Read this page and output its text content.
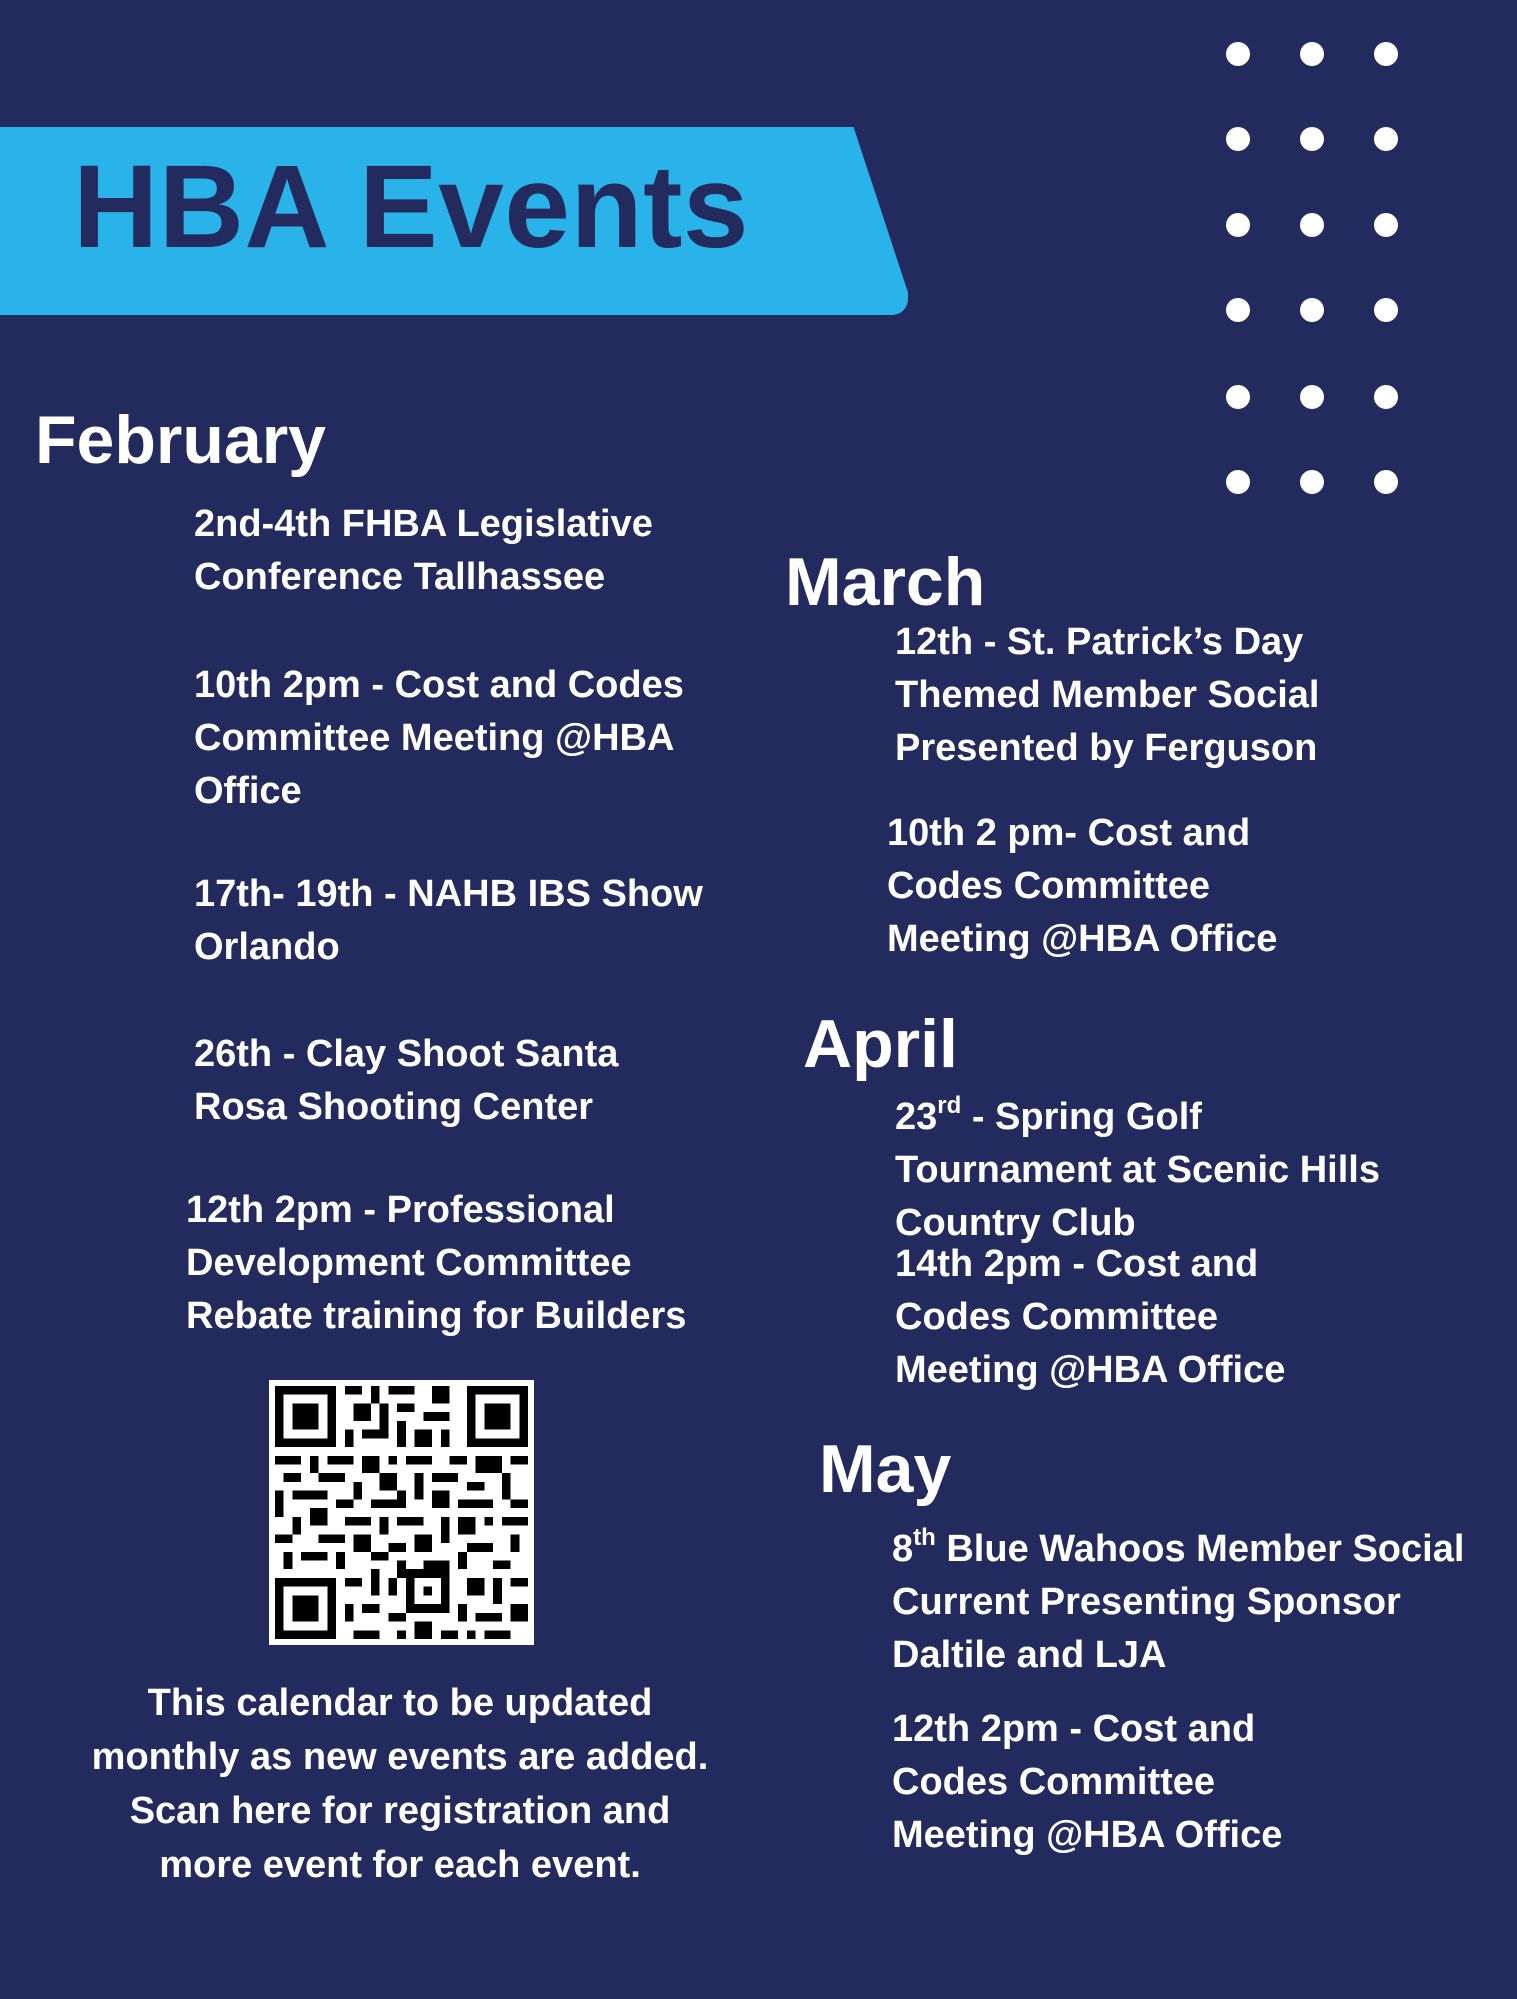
HBA Events
February
2nd-4th FHBA Legislative
Conference Tallhassee
10th 2pm - Cost and Codes
Committee Meeting @HBA
Office
17th- 19th - NAHB IBS Show
Orlando
26th - Clay Shoot Santa
Rosa Shooting Center
12th 2pm - Professional
Development Committee
Rebate training for Builders
This calendar to be updated
monthly as new events are added.
Scan here for registration and
more event for each event.
March
12th - St. Patrick’s Day
Themed Member Social
Presented by Ferguson
10th 2 pm- Cost and
Codes Committee
Meeting @HBA Office
April
23rd - Spring Golf
Tournament at Scenic Hills
Country Club
14th 2pm - Cost and
Codes Committee
Meeting @HBA Office
May
8th Blue Wahoos Member Social
Current Presenting Sponsor
Daltile and LJA
12th 2pm - Cost and
Codes Committee
Meeting @HBA Office
